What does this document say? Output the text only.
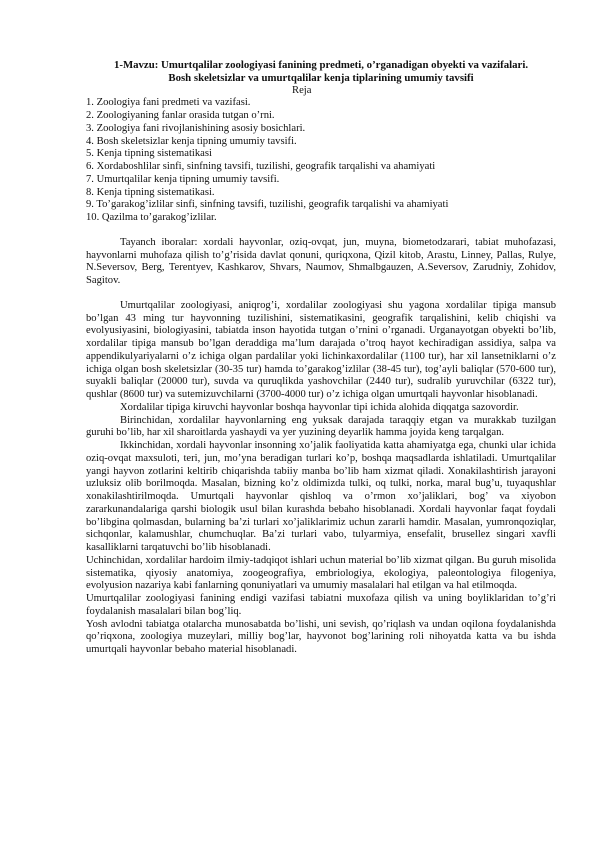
1-Mavzu: Umurtqalilar zoologiyasi fanining predmeti, o’rganadigan obyekti va vazifalari.

Bosh skeletsizlar va umurtqalilar kenja tiplarining umumiy tavsifi

Reja

1. Zoologiya fani predmeti va vazifasi.
2. Zoologiyaning fanlar orasida tutgan o’rni.
3. Zoologiya fani rivojlanishining asosiy bosichlari.
4. Bosh skeletsizlar kenja tipning umumiy tavsifi.
5. Kenja tipning sistematikasi
6. Xordaboshlilar sinfi, sinfning tavsifi, tuzilishi, geografik tarqalishi va ahamiyati
7. Umurtqalilar kenja tipning umumiy tavsifi.
8. Kenja tipning sistematikasi.
9. To’garakog’izlilar sinfi, sinfning tavsifi, tuzilishi, geografik tarqalishi va ahamiyati
10. Qazilma to’garakog’izlilar.

Tayanch iboralar: xordali hayvonlar, oziq-ovqat, jun, muyna, biometodzarari, tabiat muhofazasi, hayvonlarni muhofaza qilish to’g’risida davlat qonuni, quriqxona, Qizil kitob, Arastu, Linney, Pallas, Rulye, N.Seversov, Berg, Terentyev, Kashkarov, Shvars, Naumov, Shmalbgauzen, A.Seversov, Zarudniy, Zohidov, Sagitov.

Umurtqalilar zoologiyasi, aniqrog’i, xordalilar zoologiyasi shu yagona xordalilar tipiga mansub bo’lgan 43 ming tur hayvonning tuzilishini, sistematikasini, geografik tarqalishini, kelib chiqishi va evolyusiyasini, biologiyasini, tabiatda inson hayotida tutgan o’rnini o’rganadi. Urganayotgan obyekti bo’lib, xordalilar tipiga mansub bo’lgan deraddiga ma’lum darajada o’troq hayot kechiradigan assidiya, salpa va appendikulyariyalarni o’z ichiga olgan pardalilar yoki lichinkaxordalilar (1100 tur), har xil lansetniklarni o’z ichiga olgan bosh skeletsizlar (30-35 tur) hamda to’garakog’izlilar (38-45 tur), tog’ayli baliqlar (570-600 tur), suyakli baliqlar (20000 tur), suvda va quruqlikda yashovchilar (2440 tur), sudralib yuruvchilar (6322 tur), qushlar (8600 tur) va sutemizuvchilarni (3700-4000 tur) o’z ichiga olgan umurtqali hayvonlar hisoblanadi.

Xordalilar tipiga kiruvchi hayvonlar boshqa hayvonlar tipi ichida alohida diqqatga sazovordir.

Birinchidan, xordalilar hayvonlarning eng yuksak darajada taraqqiy etgan va murakkab tuzilgan guruhi bo’lib, har xil sharoitlarda yashaydi va yer yuzining deyarlik hamma joyida keng tarqalgan.

Ikkinchidan, xordali hayvonlar insonning xo’jalik faoliyatida katta ahamiyatga ega, chunki ular ichida oziq-ovqat maxsuloti, teri, jun, mo’yna beradigan turlari ko’p, boshqa maqsadlarda ishlatiladi. Umurtqalilar yangi hayvon zotlarini keltirib chiqarishda tabiiy manba bo’lib ham xizmat qiladi. Xonakilashtirish jarayoni uzluksiz olib borilmoqda. Masalan, bizning ko’z oldimizda tulki, oq tulki, norka, maral bug’u, tuyaqushlar xonakilashtirilmoqda. Umurtqali hayvonlar qishloq va o’rmon xo’jaliklari, bog’ va xiyobon zararkunandalariga qarshi biologik usul bilan kurashda bebaho hisoblanadi. Xordali hayvonlar faqat foydali bo’libgina qolmasdan, bularning ba’zi turlari xo’jaliklarimiz uchun zararli hamdir. Masalan, yumronqoziqlar, sichqonlar, kalamushlar, chumchuqlar. Ba’zi turlari vabo, tulyarmiya, ensefalit, brusellez singari xavfli kasalliklarni tarqatuvchi bo’lib hisoblanadi.

Uchinchidan, xordalilar hardoim ilmiy-tadqiqot ishlari uchun material bo’lib xizmat qilgan. Bu guruh misolida sistematika, qiyosiy anatomiya, zoogeografiya, embriologiya, ekologiya, paleontologiya filogeniya, evolyusion nazariya kabi fanlarning qonuniyatlari va umumiy masalalari hal etilgan va hal etilmoqda.

Umurtqalilar zoologiyasi fanining endigi vazifasi tabiatni muxofaza qilish va uning boyliklaridan to’g’ri foydalanish masalalari bilan bog’liq.

Yosh avlodni tabiatga otalarcha munosabatda bo’lishi, uni sevish, qo’riqlash va undan oqilona foydalanishda qo’riqxona, zoologiya muzeylari, milliy bog’lar, hayvonot bog’larining roli nihoyatda katta va bu ishda umurtqali hayvonlar bebaho material hisoblanadi.
